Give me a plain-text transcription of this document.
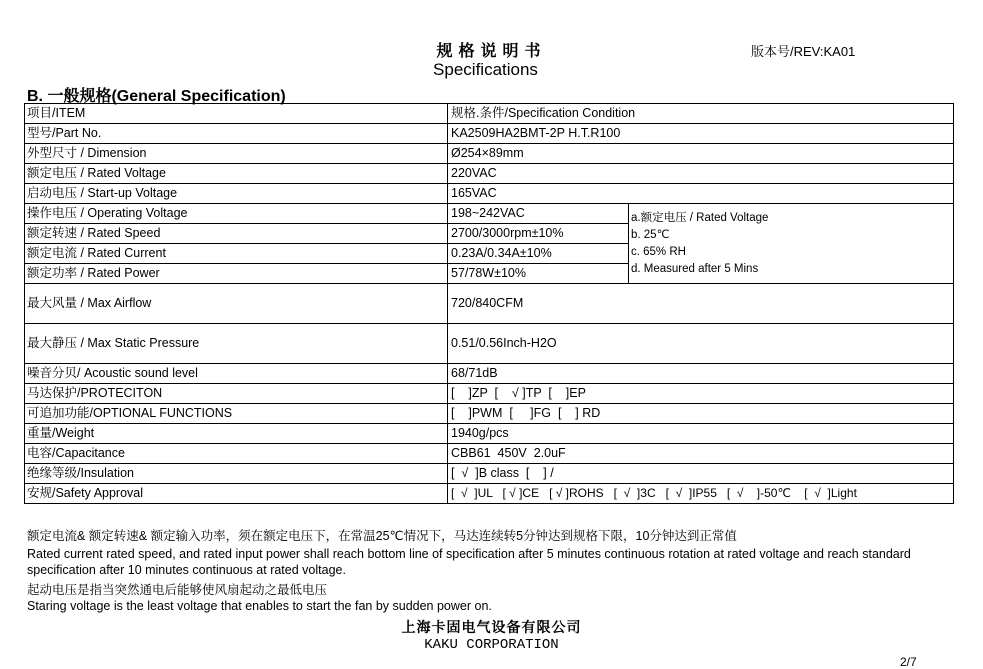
规格说明书
Specifications
版本号/REV:KA01
B. 一般规格(General Specification)
项目/ITEM	规格.条件/Specification Condition	
型号/Part No.	KA2509HA2BMT-2P H.T.R100	
外型尺寸 / Dimension	Ø254×89mm	
额定电压 / Rated Voltage	220VAC	
启动电压 / Start-up Voltage	165VAC	
操作电压 / Operating Voltage	198~242VAC	a.额定电压 / Rated Voltage
b. 25℃
c. 65% RH
d. Measured after 5 Mins

额定转速 / Rated Speed	2700/3000rpm±10%	
额定电流 / Rated Current	0.23A/0.34A±10%	
额定功率 / Rated Power	57/78W±10%	
最大风量 / Max Airflow	720/840CFM	
最大静压 / Max Static Pressure	0.51/0.56Inch-H2O	
噪音分贝/ Acoustic sound level	68/71dB	
马达保护/PROTECITON	[    ]ZP  [    √ ]TP  [    ]EP	
可追加功能/OPTIONAL FUNCTIONS	[    ]PWM  [     ]FG  [    ] RD	
重量/Weight	1940g/pcs	
电容/Capacitance	CBB61  450V  2.0uF	
绝缘等级/Insulation	[  √  ]B class  [    ] /	
安规/Safety Approval	[  √  ]UL   [ √ ]CE   [ √ ]ROHS   [  √  ]3C   [  √  ]IP55   [  √    ]-50℃    [  √  ]Light	
额定电流& 额定转速& 额定输入功率，须在额定电压下，在常温25℃情况下，马达连续转5分钟达到规格下限，10分钟达到正常值
Rated current rated speed, and rated input power shall reach bottom line of specification after 5 minutes continuous rotation at rated voltage and reach standard specification after 10 minutes continuous at rated voltage.
起动电压是指当突然通电后能够使风扇起动之最低电压
Staring voltage is the least voltage that enables to start the fan by sudden power on.
上海卡固电气设备有限公司
KAKU CORPORATION
2/7
